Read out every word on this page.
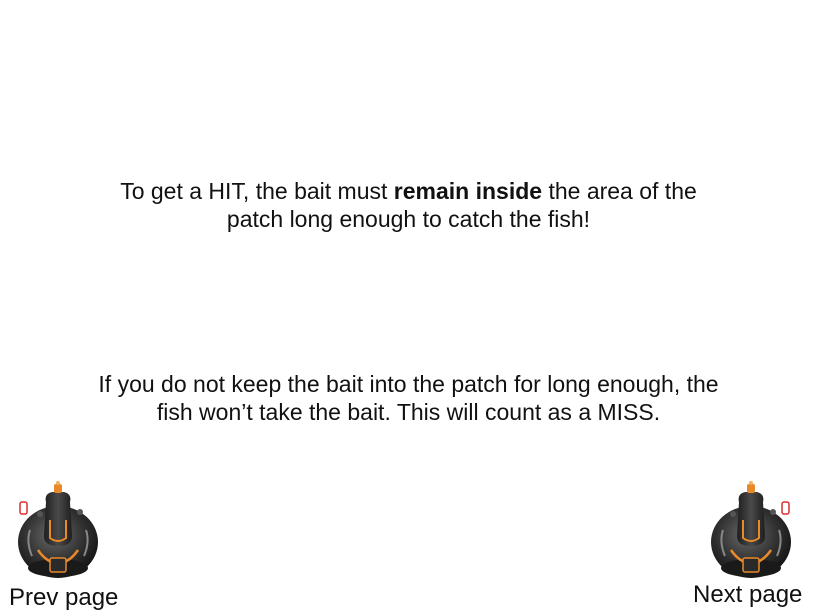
To get a HIT, the bait must remain inside the area of the
patch long enough to catch the fish!

If you do not keep the bait into the patch for long enough, the
fish won’t take the bait. This will count as a MISS.

Prev page	Next page
